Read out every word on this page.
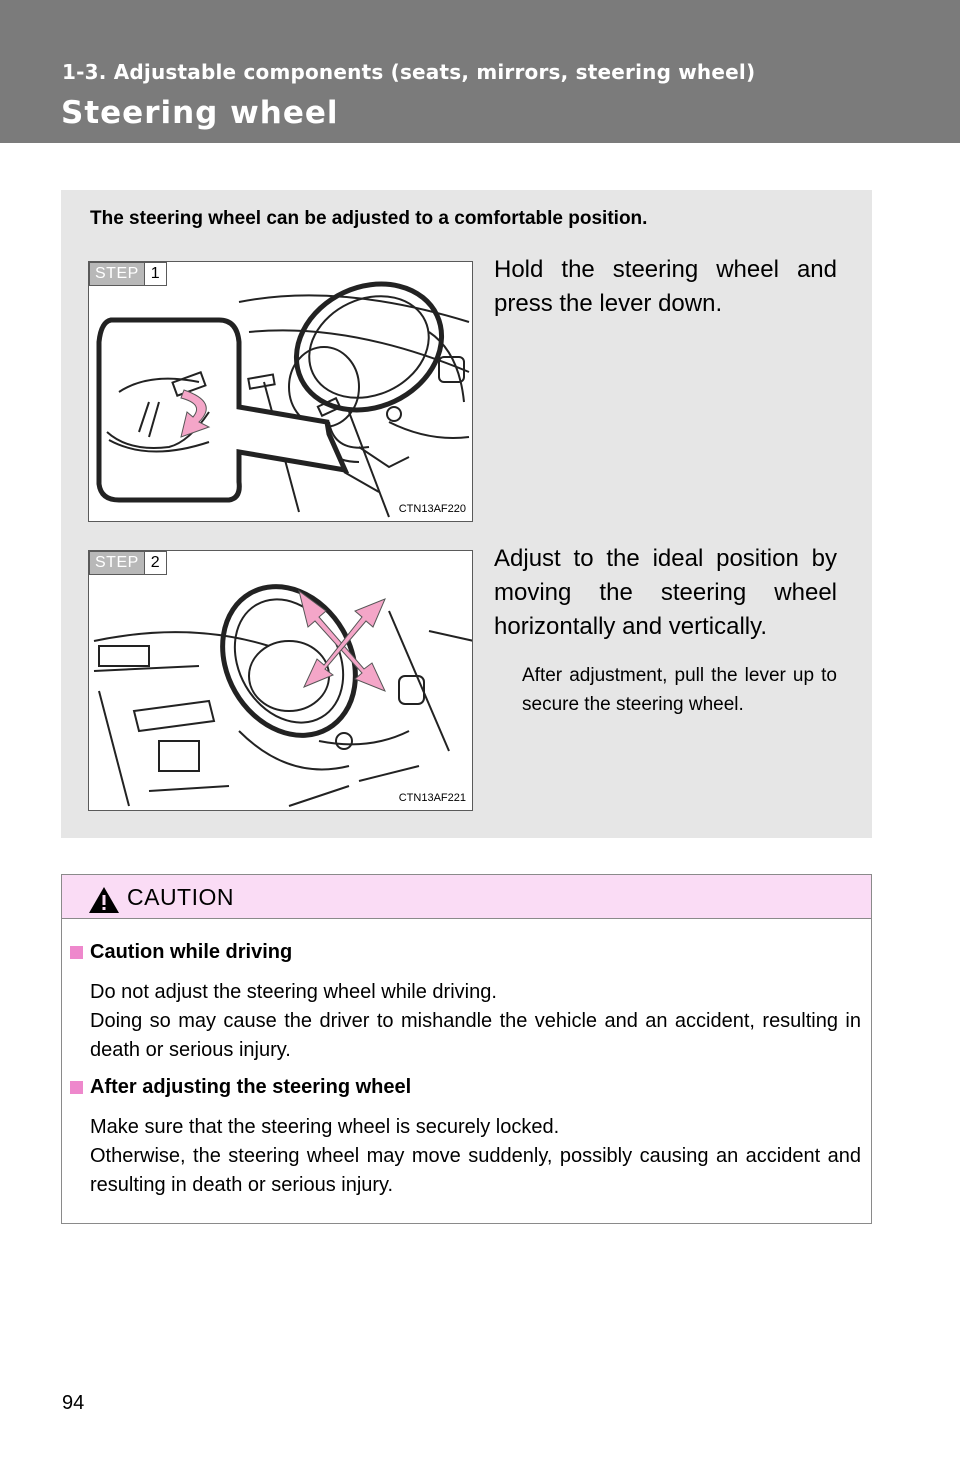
1-3. Adjustable components (seats, mirrors, steering wheel)
Steering wheel
The steering wheel can be adjusted to a comfortable position.
STEP 1
CTN13AF220
Hold the steering wheel and press the lever down.
STEP 2
CTN13AF221
Adjust to the ideal position by moving the steering wheel horizontally and vertically.
After adjustment, pull the lever up to secure the steering wheel.
CAUTION
Caution while driving

Do not adjust the steering wheel while driving.

Doing so may cause the driver to mishandle the vehicle and an accident, resulting in death or serious injury.

After adjusting the steering wheel

Make sure that the steering wheel is securely locked.

Otherwise, the steering wheel may move suddenly, possibly causing an accident and resulting in death or serious injury.

94
carmanualsonline.info
